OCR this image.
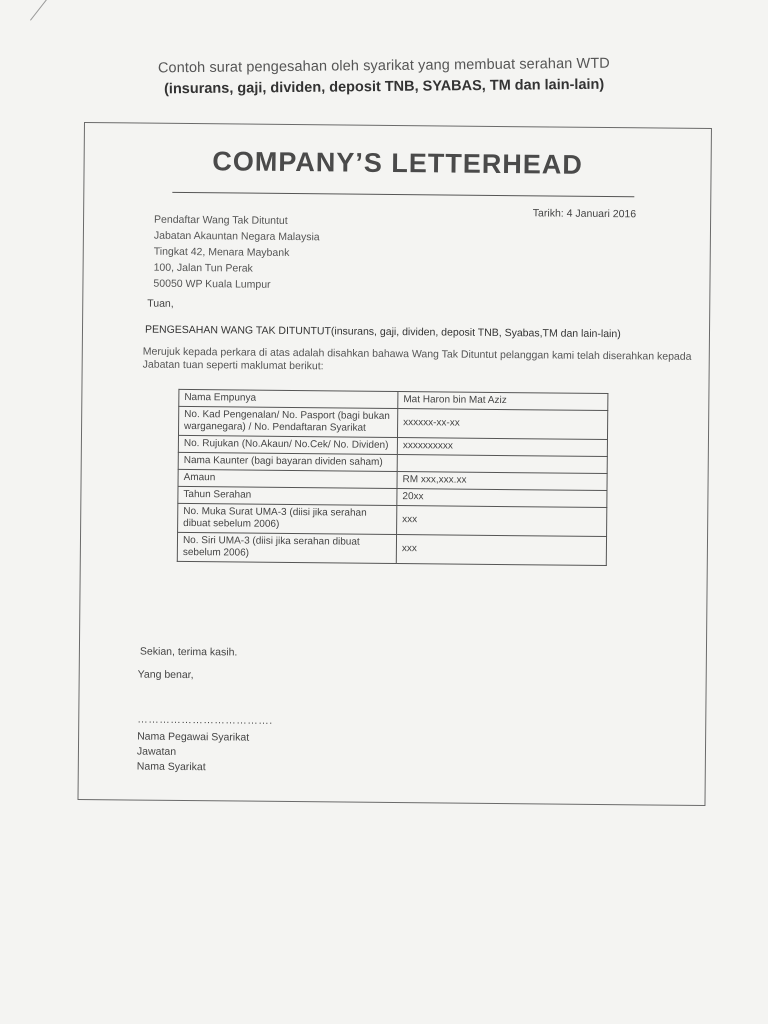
Contoh surat pengesahan oleh syarikat yang membuat serahan WTD
(insurans, gaji, dividen, deposit TNB, SYABAS, TM dan lain-lain)
COMPANY’S LETTERHEAD
Tarikh: 4 Januari 2016
Pendaftar Wang Tak Dituntut
Jabatan Akauntan Negara Malaysia
Tingkat 42, Menara Maybank
100, Jalan Tun Perak
50050 WP Kuala Lumpur
Tuan,
PENGESAHAN WANG TAK DITUNTUT(insurans, gaji, dividen, deposit TNB, Syabas,TM dan lain-lain)
Merujuk kepada perkara di atas adalah disahkan bahawa Wang Tak Dituntut pelanggan kami telah diserahkan kepada Jabatan tuan seperti maklumat berikut:
Nama Empunya	Mat Haron bin Mat Aziz
No. Kad Pengenalan/ No. Pasport (bagi bukan warganegara) / No. Pendaftaran Syarikat	xxxxxx-xx-xx
No. Rujukan (No.Akaun/ No.Cek/ No. Dividen)	xxxxxxxxxx
Nama Kaunter (bagi bayaran dividen saham)	
Amaun	RM xxx,xxx.xx
Tahun Serahan	20xx
No. Muka Surat UMA-3 (diisi jika serahan dibuat sebelum 2006)	xxx
No. Siri UMA-3 (diisi jika serahan dibuat sebelum 2006)	xxx
Sekian, terima kasih.
Yang benar,
……………………………….
Nama Pegawai Syarikat
Jawatan
Nama Syarikat
